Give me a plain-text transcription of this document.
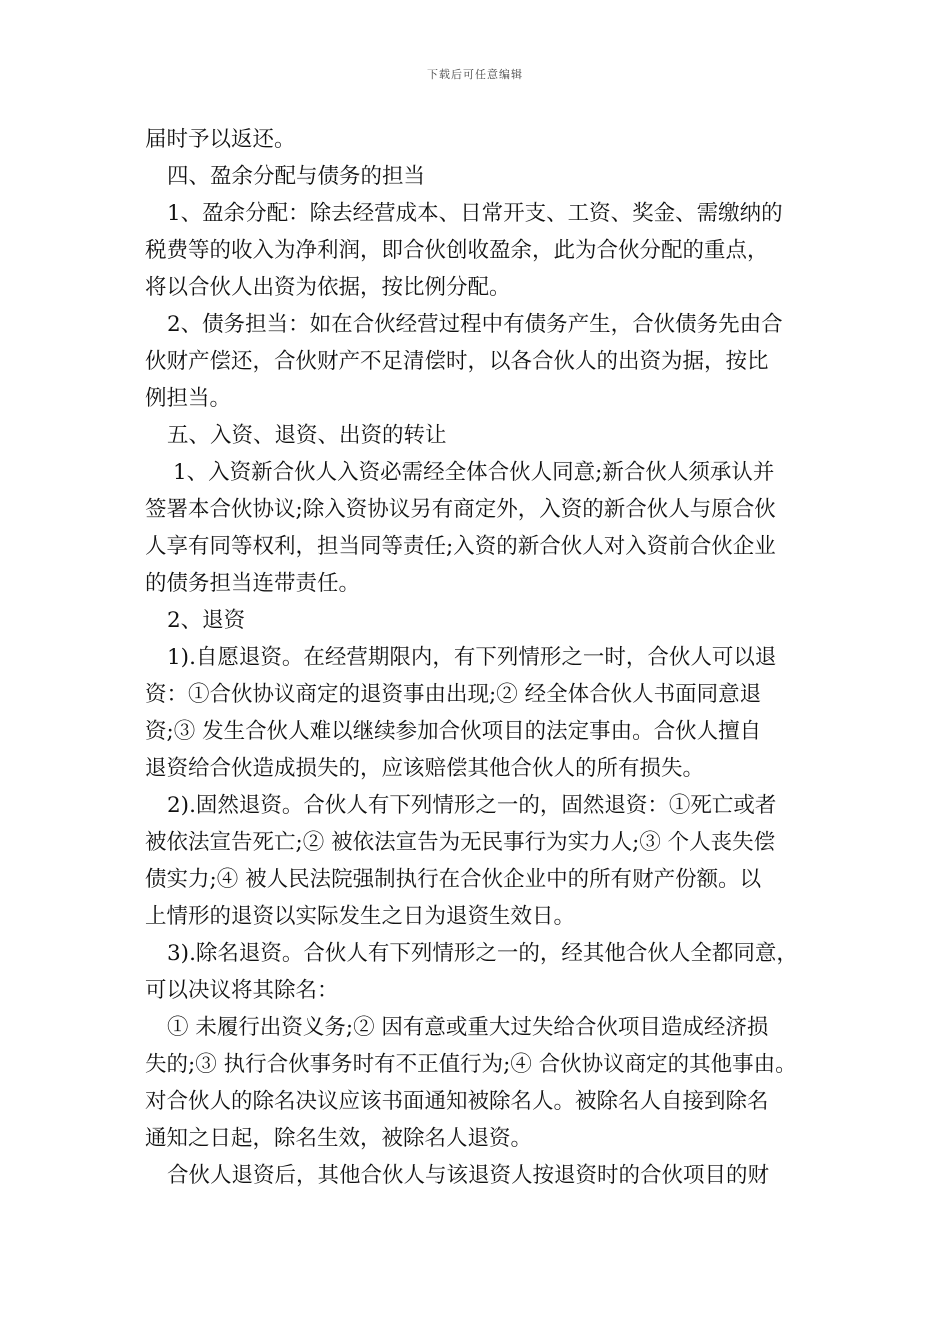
下载后可任意编辑
届时予以返还。
四、盈余分配与债务的担当
1、盈余分配：除去经营成本、日常开支、工资、奖金、需缴纳的
税费等的收入为净利润，即合伙创收盈余，此为合伙分配的重点，
将以合伙人出资为依据，按比例分配。
2、债务担当：如在合伙经营过程中有债务产生，合伙债务先由合
伙财产偿还，合伙财产不足清偿时，以各合伙人的出资为据，按比
例担当。
五、入资、退资、出资的转让
1、入资新合伙人入资必需经全体合伙人同意;新合伙人须承认并
签署本合伙协议;除入资协议另有商定外，入资的新合伙人与原合伙
人享有同等权利，担当同等责任;入资的新合伙人对入资前合伙企业
的债务担当连带责任。
2、退资
1).自愿退资。在经营期限内，有下列情形之一时，合伙人可以退
资：①合伙协议商定的退资事由出现;② 经全体合伙人书面同意退
资;③ 发生合伙人难以继续参加合伙项目的法定事由。合伙人擅自
退资给合伙造成损失的，应该赔偿其他合伙人的所有损失。
2).固然退资。合伙人有下列情形之一的，固然退资：①死亡或者
被依法宣告死亡;② 被依法宣告为无民事行为实力人;③ 个人丧失偿
债实力;④ 被人民法院强制执行在合伙企业中的所有财产份额。以
上情形的退资以实际发生之日为退资生效日。
3).除名退资。合伙人有下列情形之一的，经其他合伙人全都同意，
可以决议将其除名：
① 未履行出资义务;② 因有意或重大过失给合伙项目造成经济损
失的;③ 执行合伙事务时有不正值行为;④ 合伙协议商定的其他事由。
对合伙人的除名决议应该书面通知被除名人。被除名人自接到除名
通知之日起，除名生效，被除名人退资。
合伙人退资后，其他合伙人与该退资人按退资时的合伙项目的财
